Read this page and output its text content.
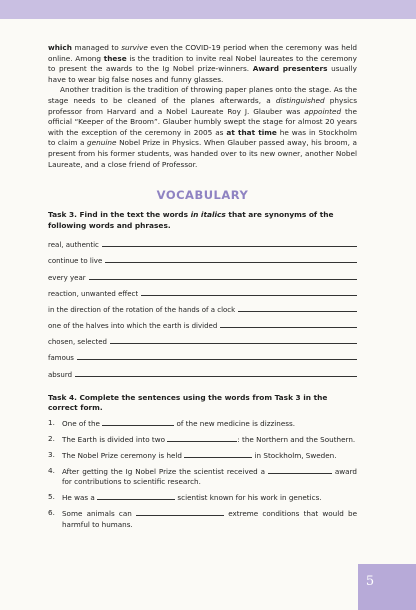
which managed to survive even the COVID-19 period when the ceremony was held online. Among these is the tradition to invite real Nobel laureates to the ceremony to present the awards to the Ig Nobel prize-winners. Award presenters usually have to wear big false noses and funny glasses.

Another tradition is the tradition of throwing paper planes onto the stage. As the stage needs to be cleaned of the planes afterwards, a distinguished physics professor from Harvard and a Nobel Laureate Roy J. Glauber was appointed the official “Keeper of the Broom”. Glauber humbly swept the stage for almost 20 years with the exception of the ceremony in 2005 as at that time he was in Stockholm to claim a genuine Nobel Prize in Physics. When Glauber passed away, his broom, a present from his former students, was handed over to its new owner, another Nobel Laureate, and a close friend of Professor.

VOCABULARY
Task 3. Find in the text the words in italics that are synonyms of the following words and phrases.
real, authentic
continue to live
every year
reaction, unwanted effect
in the direction of the rotation of the hands of a clock
one of the halves into which the earth is divided
chosen, selected
famous
absurd
Task 4. Complete the sentences using the words from Task 3 in the correct form.
1. One of the	of the new medicine is dizziness.
2. The Earth is divided into two	: the Northern and the Southern.
3. The Nobel Prize ceremony is held	in Stockholm, Sweden.
4. After getting the Ig Nobel Prize the scientist received a	award for contributions to scientific research.
5. He was a	scientist known for his work in genetics.
6. Some animals can	extreme conditions that would be harmful to humans.
5
